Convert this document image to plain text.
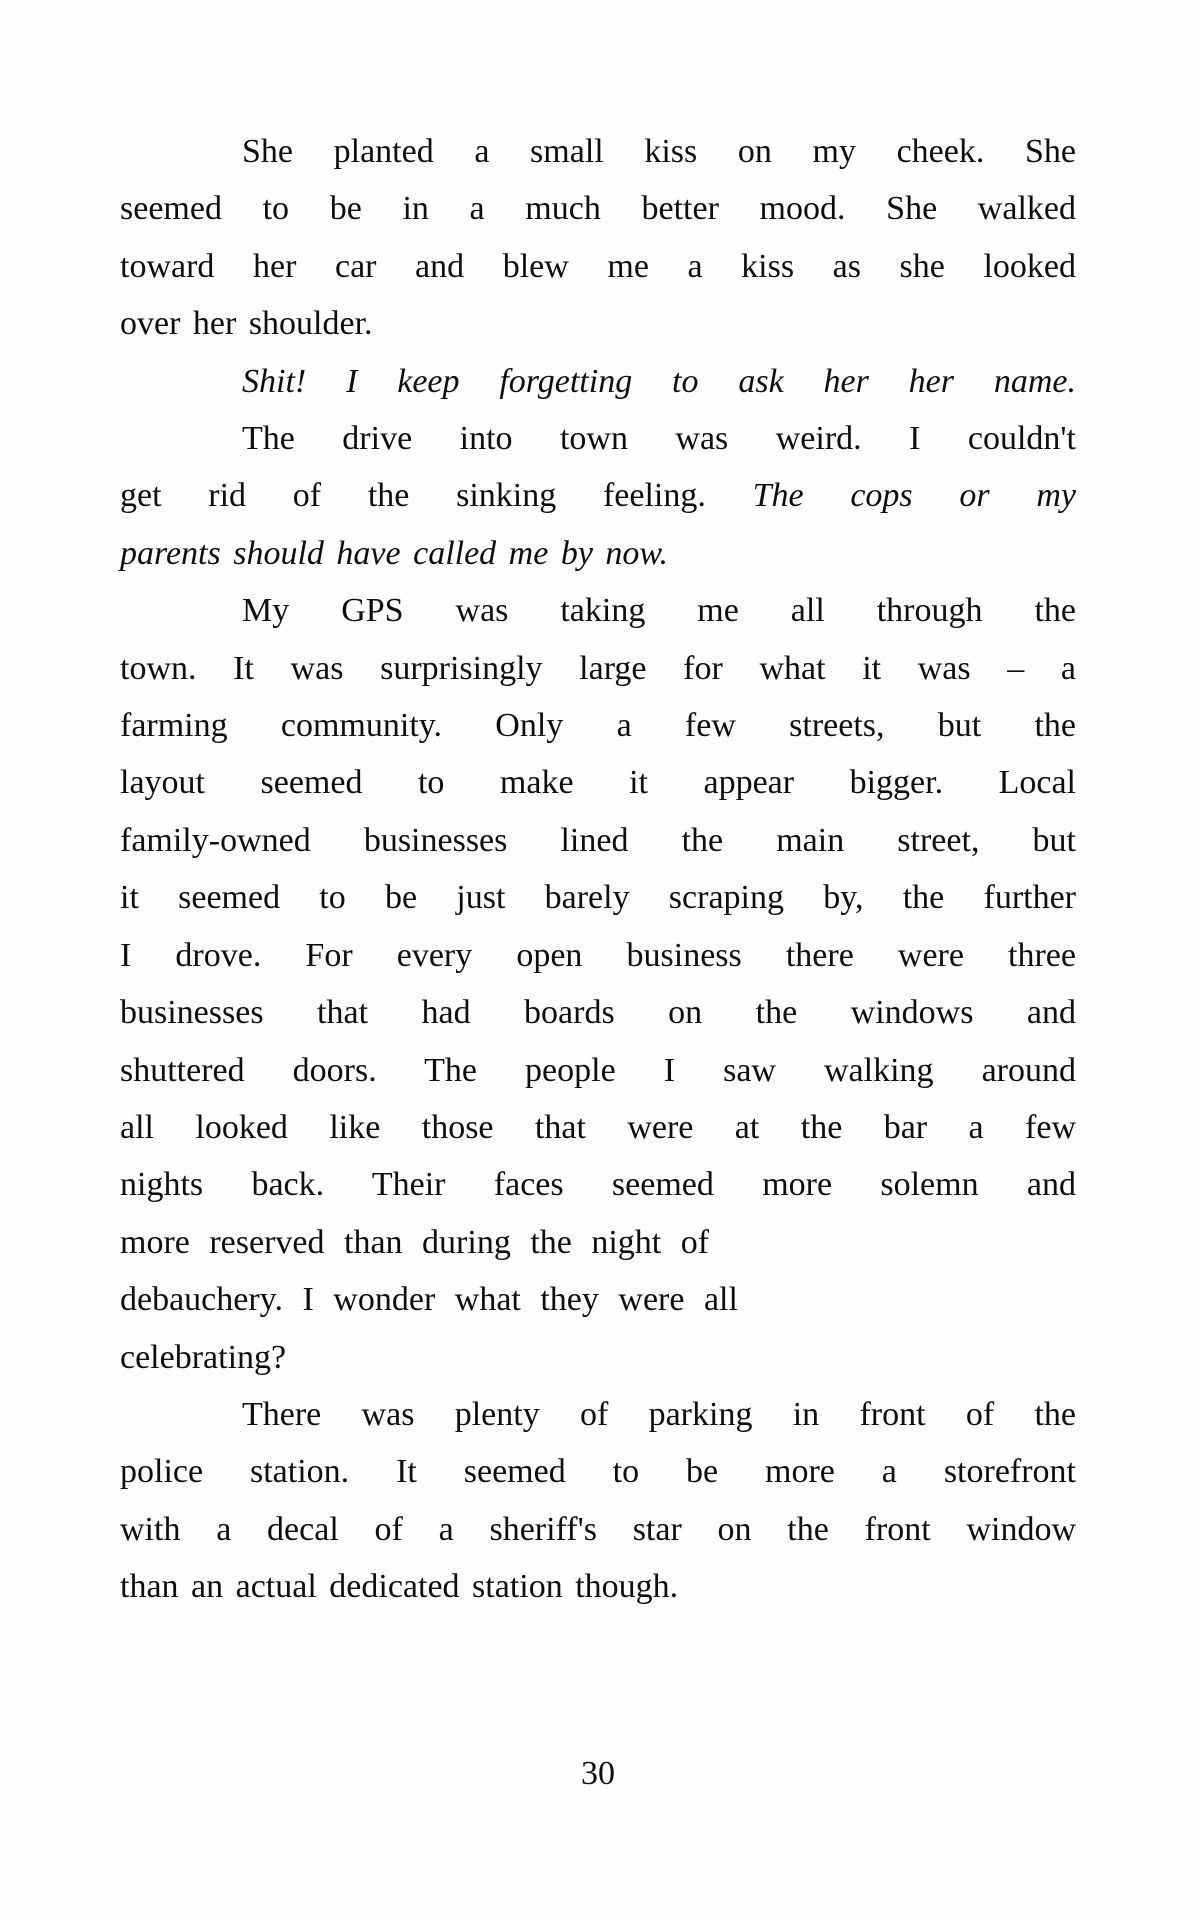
She planted a small kiss on my cheek. She
seemed to be in a much better mood. She walked
toward her car and blew me a kiss as she looked
over her shoulder.
Shit! I keep forgetting to ask her her name.
The drive into town was weird. I couldn't
get rid of the sinking feeling. The cops or my
parents should have called me by now.
My GPS was taking me all through the
town. It was surprisingly large for what it was – a
farming community. Only a few streets, but the
layout seemed to make it appear bigger. Local
family-owned businesses lined the main street, but
it seemed to be just barely scraping by, the further
I drove. For every open business there were three
businesses that had boards on the windows and
shuttered doors. The people I saw walking around
all looked like those that were at the bar a few
nights back. Their faces seemed more solemn and
more reserved than during the night of
debauchery. I wonder what they were all
celebrating?
There was plenty of parking in front of the
police station. It seemed to be more a storefront
with a decal of a sheriff's star on the front window
than an actual dedicated station though.
30
